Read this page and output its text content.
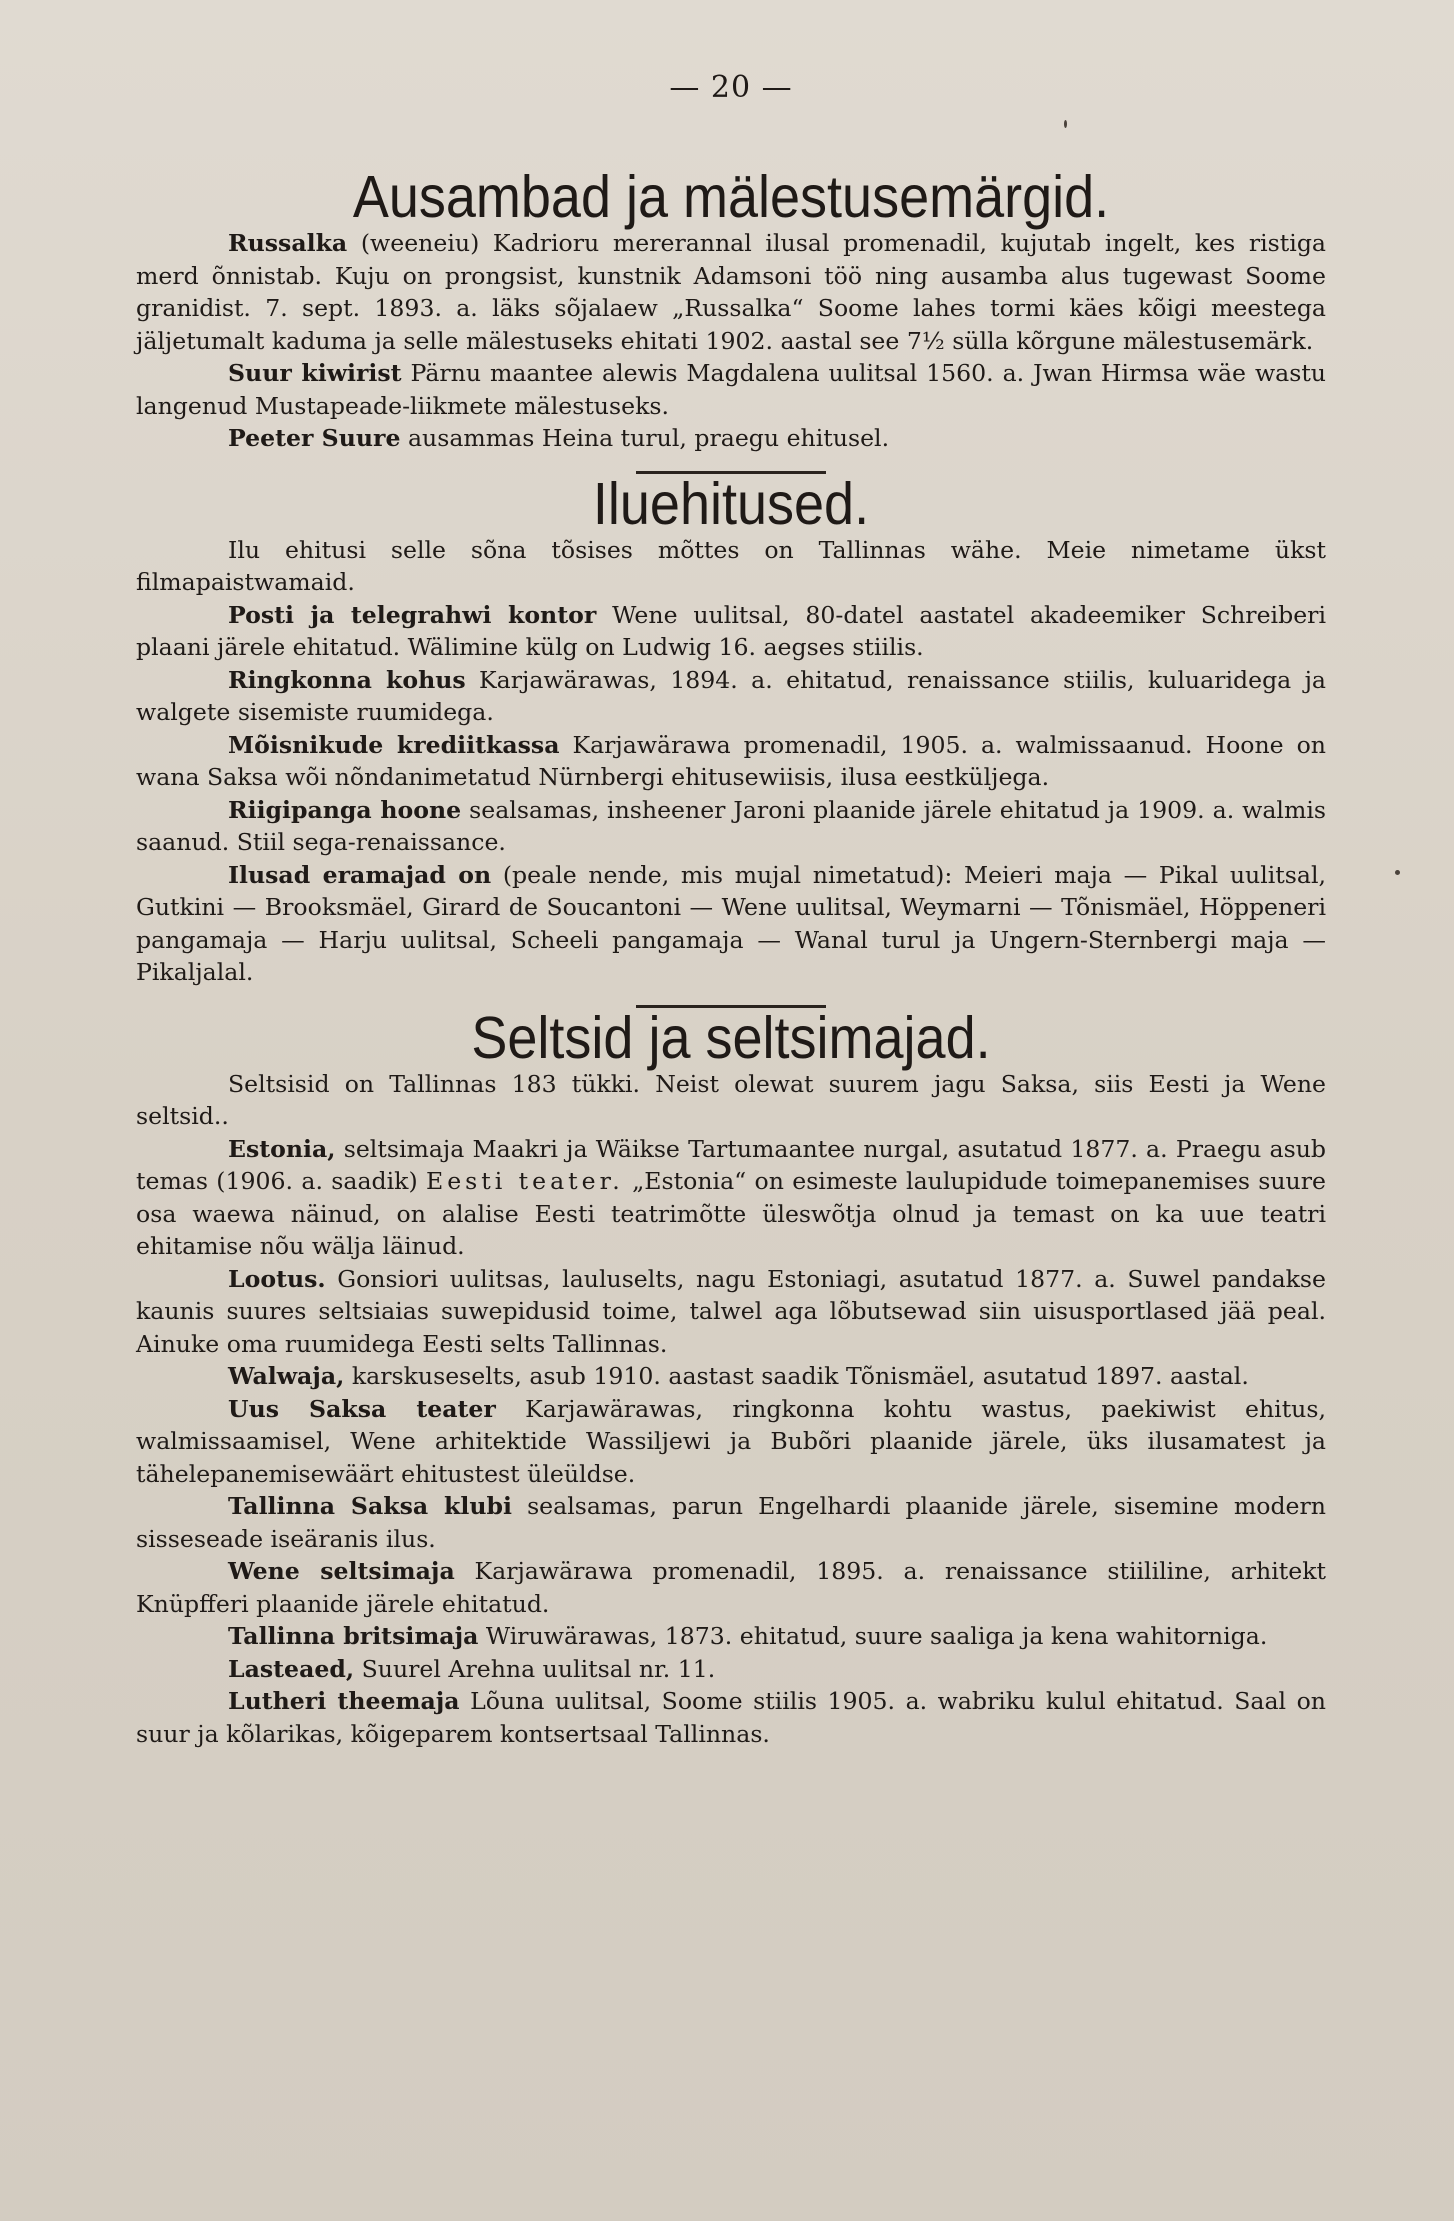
— 20 —
Ausambad ja mälestusemärgid.

Russalka (weeneiu) Kadrioru mererannal ilusal promenadil, kujutab ingelt, kes ristiga merd õnnistab. Kuju on prongsist, kunstnik Adamsoni töö ning ausamba alus tugewast Soome granidist. 7. sept. 1893. a. läks sõjalaew „Russalka“ Soome lahes tormi käes kõigi meestega jäljetumalt kaduma ja selle mälestuseks ehitati 1902. aastal see 7½ sülla kõrgune mälestusemärk.

Suur kiwirist Pärnu maantee alewis Magdalena uulitsal 1560. a. Jwan Hirmsa wäe wastu langenud Mustapeade-liikmete mälestuseks.

Peeter Suure ausammas Heina turul, praegu ehitusel.

Iluehitused.

Ilu ehitusi selle sõna tõsises mõttes on Tallinnas wähe. Meie nimetame ükst filmapaistwamaid.

Posti ja telegrahwi kontor Wene uulitsal, 80-datel aastatel akadeemiker Schreiberi plaani järele ehitatud. Wälimine külg on Ludwig 16. aegses stiilis.

Ringkonna kohus Karjawärawas, 1894. a. ehitatud, renaissance stiilis, kuluaridega ja walgete sisemiste ruumidega.

Mõisnikude krediitkassa Karjawärawa promenadil, 1905. a. walmissaanud. Hoone on wana Saksa wõi nõndanimetatud Nürnbergi ehitusewiisis, ilusa eestküljega.

Riigipanga hoone sealsamas, insheener Jaroni plaanide järele ehitatud ja 1909. a. walmis saanud. Stiil sega-renaissance.

Ilusad eramajad on (peale nende, mis mujal nimetatud): Meieri maja — Pikal uulitsal, Gutkini — Brooksmäel, Girard de Soucantoni — Wene uulitsal, Weymarni — Tõnismäel, Höppeneri pangamaja — Harju uulitsal, Scheeli pangamaja — Wanal turul ja Ungern-Sternbergi maja — Pikaljalal.

Seltsid ja seltsimajad.

Seltsisid on Tallinnas 183 tükki. Neist olewat suurem jagu Saksa, siis Eesti ja Wene seltsid..

Estonia, seltsimaja Maakri ja Wäikse Tartumaantee nurgal, asutatud 1877. a. Praegu asub temas (1906. a. saadik) Eesti teater. „Estonia“ on esimeste laulupidude toimepanemises suure osa waewa näinud, on alalise Eesti teatrimõtte üleswõtja olnud ja temast on ka uue teatri ehitamise nõu wälja läinud.

Lootus. Gonsiori uulitsas, lauluselts, nagu Estoniagi, asutatud 1877. a. Suwel pandakse kaunis suures seltsiaias suwepidusid toime, talwel aga lõbutsewad siin uisusportlased jää peal. Ainuke oma ruumidega Eesti selts Tallinnas.

Walwaja, karskuseselts, asub 1910. aastast saadik Tõnismäel, asutatud 1897. aastal.

Uus Saksa teater Karjawärawas, ringkonna kohtu wastus, paekiwist ehitus, walmissaamisel, Wene arhitektide Wassiljewi ja Bubõri plaanide järele, üks ilusamatest ja tähelepanemisewäärt ehitustest üleüldse.

Tallinna Saksa klubi sealsamas, parun Engelhardi plaanide järele, sisemine modern sisseseade iseäranis ilus.

Wene seltsimaja Karjawärawa promenadil, 1895. a. renaissance stiililine, arhitekt Knüpfferi plaanide järele ehitatud.

Tallinna britsimaja Wiruwärawas, 1873. ehitatud, suure saaliga ja kena wahitorniga.

Lasteaed, Suurel Arehna uulitsal nr. 11.

Lutheri theemaja Lõuna uulitsal, Soome stiilis 1905. a. wabriku kulul ehitatud. Saal on suur ja kõlarikas, kõigeparem kontsertsaal Tallinnas.
